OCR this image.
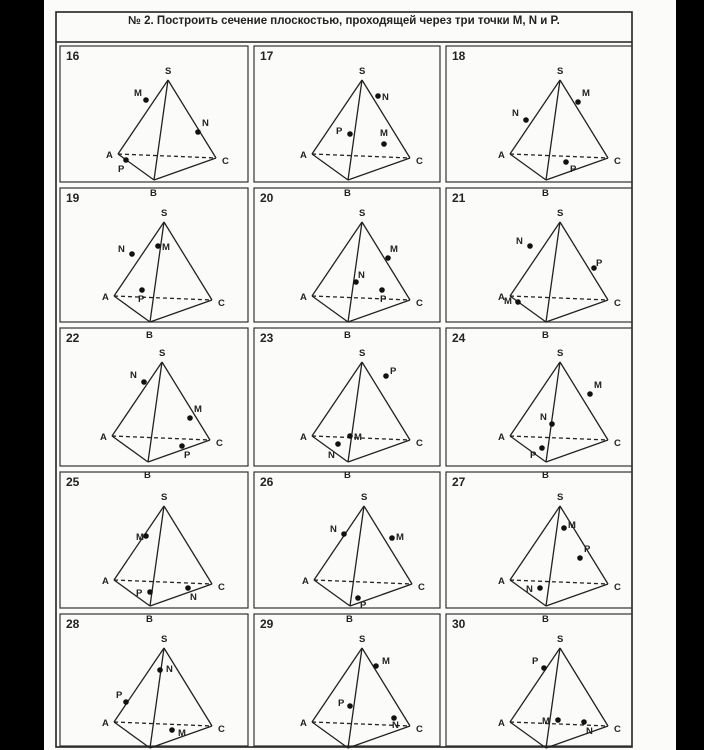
№ 2. Построить сечение плоскостью, проходящей через три точки M, N и P.
16
S
M
N
A
P
B
C
17
S
N
P	M
A
C
B
18
S
M
N
A
C
B
P
19
S
N	M
A	P	C
B
20
S
M
N
A	P	C
B
21
S
N
P
A M	C
B
22
S
N
M
A
C
P
B
23
S
P
A	M
C
N
B
24
S
M
N
A
C
P
B
25
S
M
A
C
P	N
B
26
S
N
M
A
C
B
P
27
S
M
P
A
C
N
B
28
S
N
P
A
C
M
29
S
M
P
A	N C
30
S
P
A	M
C
N
